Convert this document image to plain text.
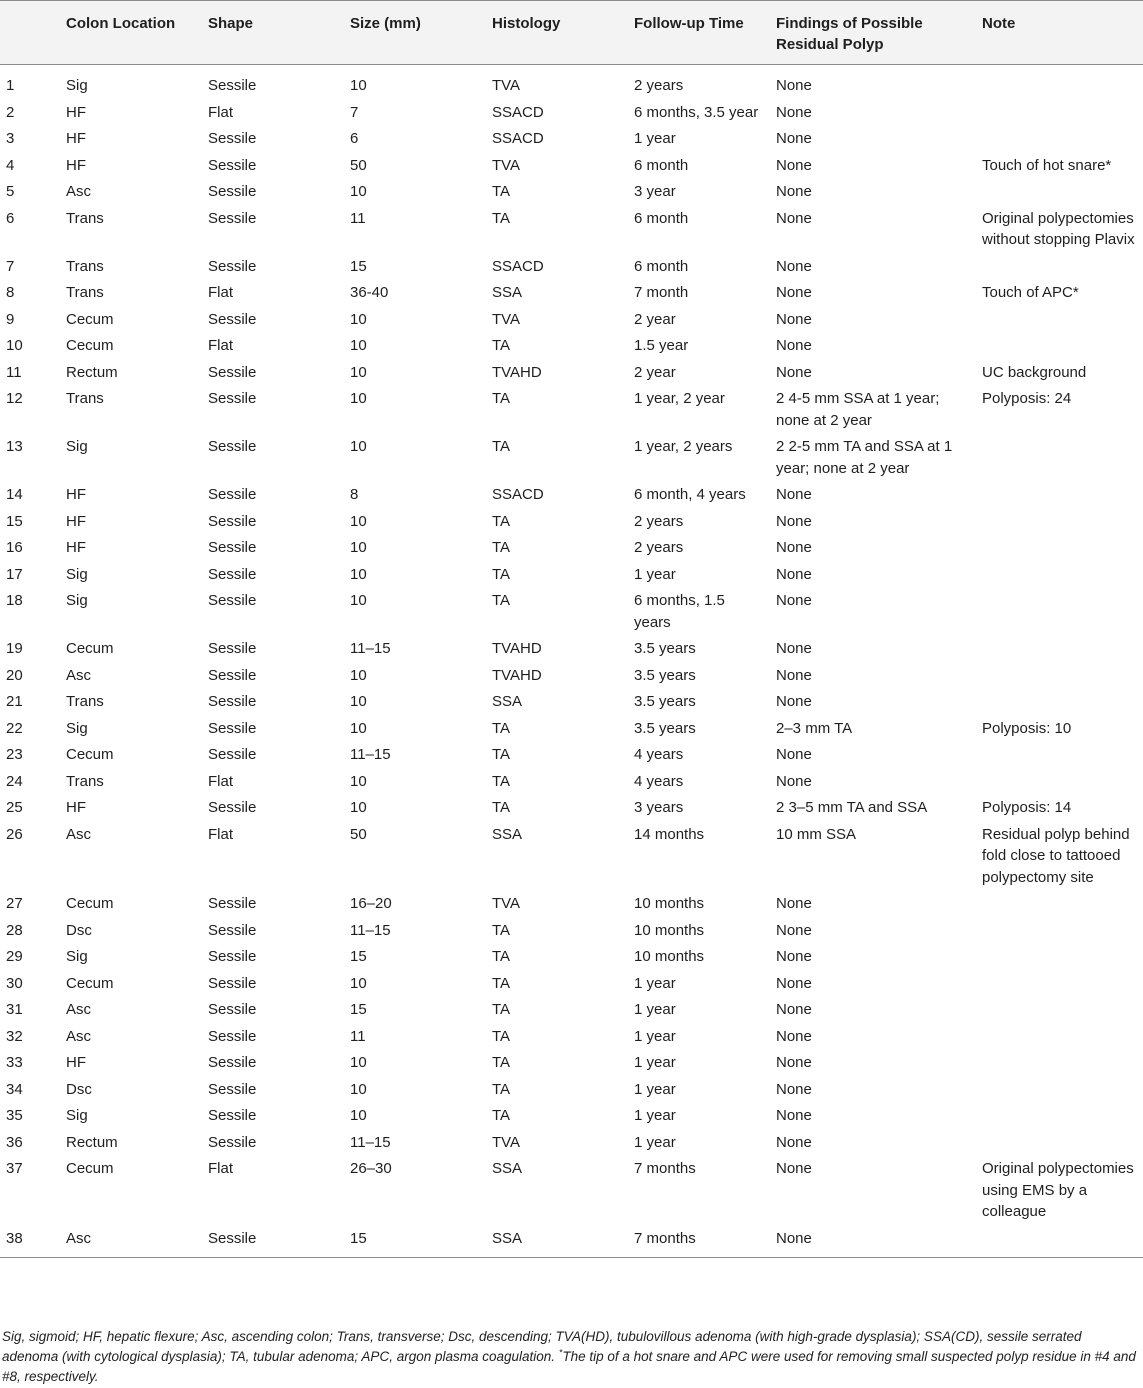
	Colon Location	Shape	Size (mm)	Histology	Follow-up Time	Findings of Possible Residual Polyp	Note
1	Sig	Sessile	10	TVA	2 years	None	
2	HF	Flat	7	SSACD	6 months, 3.5 year	None	
3	HF	Sessile	6	SSACD	1 year	None	
4	HF	Sessile	50	TVA	6 month	None	Touch of hot snare*
5	Asc	Sessile	10	TA	3 year	None	
6	Trans	Sessile	11	TA	6 month	None	Original polypectomies without stopping Plavix
7	Trans	Sessile	15	SSACD	6 month	None	
8	Trans	Flat	36-40	SSA	7 month	None	Touch of APC*
9	Cecum	Sessile	10	TVA	2 year	None	
10	Cecum	Flat	10	TA	1.5 year	None	
11	Rectum	Sessile	10	TVAHD	2 year	None	UC background
12	Trans	Sessile	10	TA	1 year, 2 year	2 4-5 mm SSA at 1 year; none at 2 year	Polyposis: 24
13	Sig	Sessile	10	TA	1 year, 2 years	2 2-5 mm TA and SSA at 1 year; none at 2 year	
14	HF	Sessile	8	SSACD	6 month, 4 years	None	
15	HF	Sessile	10	TA	2 years	None	
16	HF	Sessile	10	TA	2 years	None	
17	Sig	Sessile	10	TA	1 year	None	
18	Sig	Sessile	10	TA	6 months, 1.5 years	None	
19	Cecum	Sessile	11–15	TVAHD	3.5 years	None	
20	Asc	Sessile	10	TVAHD	3.5 years	None	
21	Trans	Sessile	10	SSA	3.5 years	None	
22	Sig	Sessile	10	TA	3.5 years	2–3 mm TA	Polyposis: 10
23	Cecum	Sessile	11–15	TA	4 years	None	
24	Trans	Flat	10	TA	4 years	None	
25	HF	Sessile	10	TA	3 years	2 3–5 mm TA and SSA	Polyposis: 14
26	Asc	Flat	50	SSA	14 months	10 mm SSA	Residual polyp behind fold close to tattooed polypectomy site
27	Cecum	Sessile	16–20	TVA	10 months	None	
28	Dsc	Sessile	11–15	TA	10 months	None	
29	Sig	Sessile	15	TA	10 months	None	
30	Cecum	Sessile	10	TA	1 year	None	
31	Asc	Sessile	15	TA	1 year	None	
32	Asc	Sessile	11	TA	1 year	None	
33	HF	Sessile	10	TA	1 year	None	
34	Dsc	Sessile	10	TA	1 year	None	
35	Sig	Sessile	10	TA	1 year	None	
36	Rectum	Sessile	11–15	TVA	1 year	None	
37	Cecum	Flat	26–30	SSA	7 months	None	Original polypectomies using EMS by a colleague
38	Asc	Sessile	15	SSA	7 months	None	
Sig, sigmoid; HF, hepatic flexure; Asc, ascending colon; Trans, transverse; Dsc, descending; TVA(HD), tubulovillous adenoma (with high-grade dysplasia); SSA(CD), sessile serrated adenoma (with cytological dysplasia); TA, tubular adenoma; APC, argon plasma coagulation. *The tip of a hot snare and APC were used for removing small suspected polyp residue in #4 and #8, respectively.
